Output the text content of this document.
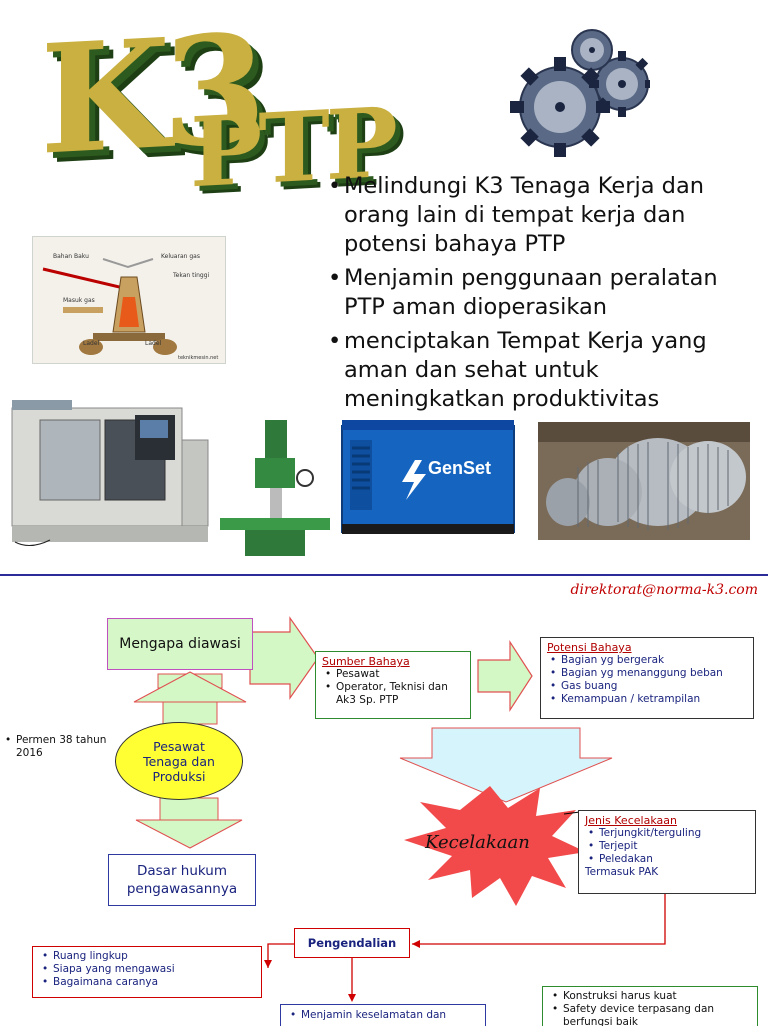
K3
PTP
• Melindungi K3 Tenaga Kerja dan orang lain di tempat kerja dan potensi bahaya PTP
• Menjamin penggunaan peralatan PTP aman dioperasikan
• menciptakan Tempat Kerja yang aman dan sehat untuk meningkatkan produktivitas
Bahan Baku	Keluaran gas
Tekan tinggi
Masuk gas
Ladel	Ladel
teknikmesin.net
GenSet
direktorat@norma-k3.com
Mengapa diawasi
Sumber Bahaya
• Pesawat
• Operator, Teknisi dan Ak3 Sp. PTP
Potensi Bahaya
• Bagian yg bergerak
• Bagian yg menanggung beban
• Gas buang
• Kemampuan / ketrampilan
• Permen 38 tahun 2016	Pesawat Tenaga dan Produksi
Kecelakaan
Jenis Kecelakaan
• Terjungkit/terguling
• Terjepit
• Peledakan
Termasuk PAK
Dasar hukum pengawasannya
Pengendalian
• Ruang lingkup
• Siapa yang mengawasi
• Bagaimana caranya
• Menjamin keselamatan dan
• Konstruksi harus kuat
• Safety device terpasang dan berfungsi baik
